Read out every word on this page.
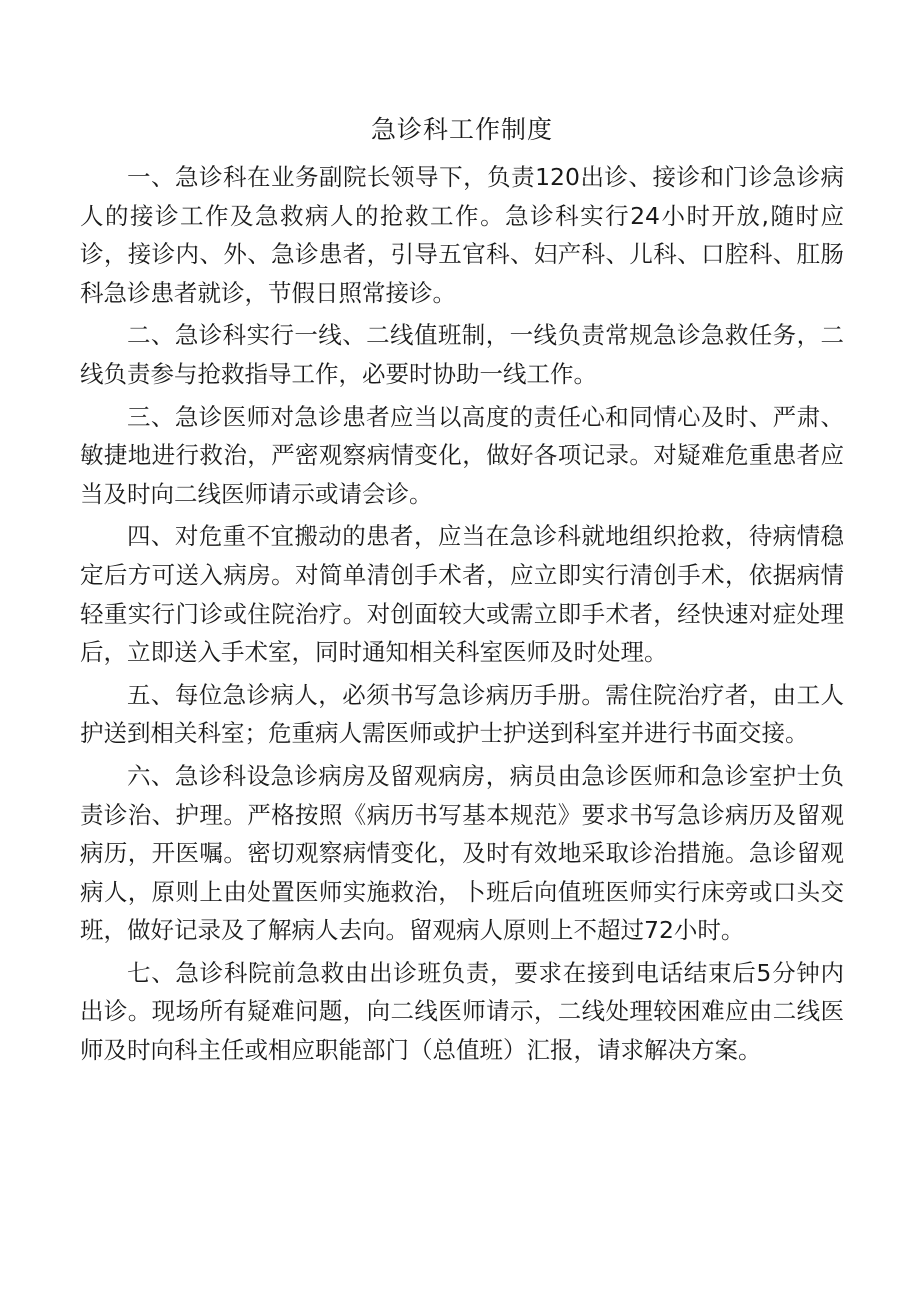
急诊科工作制度

一、急诊科在业务副院长领导下，负责120出诊、接诊和门诊急诊病人的接诊工作及急救病人的抢救工作。急诊科实行24小时开放,随时应诊，接诊内、外、急诊患者，引导五官科、妇产科、儿科、口腔科、肛肠科急诊患者就诊，节假日照常接诊。

二、急诊科实行一线、二线值班制，一线负责常规急诊急救任务，二线负责参与抢救指导工作，必要时协助一线工作。

三、急诊医师对急诊患者应当以高度的责任心和同情心及时、严肃、敏捷地进行救治，严密观察病情变化，做好各项记录。对疑难危重患者应当及时向二线医师请示或请会诊。

四、对危重不宜搬动的患者，应当在急诊科就地组织抢救，待病情稳定后方可送入病房。对简单清创手术者，应立即实行清创手术，依据病情轻重实行门诊或住院治疗。对创面较大或需立即手术者，经快速对症处理后，立即送入手术室，同时通知相关科室医师及时处理。

五、每位急诊病人，必须书写急诊病历手册。需住院治疗者，由工人护送到相关科室；危重病人需医师或护士护送到科室并进行书面交接。

六、急诊科设急诊病房及留观病房，病员由急诊医师和急诊室护士负责诊治、护理。严格按照《病历书写基本规范》要求书写急诊病历及留观病历，开医嘱。密切观察病情变化，及时有效地采取诊治措施。急诊留观病人，原则上由处置医师实施救治，卜班后向值班医师实行床旁或口头交班，做好记录及了解病人去向。留观病人原则上不超过72小时。

七、急诊科院前急救由出诊班负责，要求在接到电话结束后5分钟内出诊。现场所有疑难问题，向二线医师请示，二线处理较困难应由二线医师及时向科主任或相应职能部门（总值班）汇报，请求解决方案。
